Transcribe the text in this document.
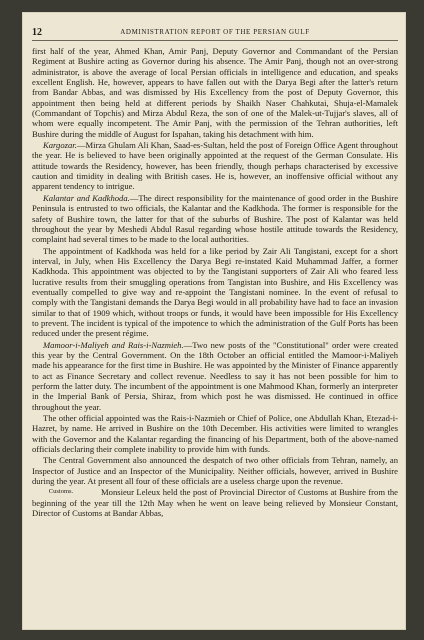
12	ADMINISTRATION REPORT OF THE PERSIAN GULF

first half of the year, Ahmed Khan, Amir Panj, Deputy Governor and Commandant of the Persian Regiment at Bushire acting as Governor during his absence. The Amir Panj, though not an over-strong administrator, is above the average of local Persian officials in intelligence and education, and speaks excellent English. He, however, appears to have fallen out with the Darya Begi after the latter's return from Bandar Abbas, and was dismissed by His Excellency from the post of Deputy Governor, this appointment then being held at different periods by Shaikh Naser Chahkutai, Shuja-el-Mamalek (Commandant of Topchis) and Mirza Abdul Reza, the son of one of the Malek-ut-Tujjar's slaves, all of whom were equally incompetent. The Amir Panj, with the permission of the Tehran authorities, left Bushire during the middle of August for Ispahan, taking his detachment with him.

Kargozar.—Mirza Ghulam Ali Khan, Saad-es-Sultan, held the post of Foreign Office Agent throughout the year. He is believed to have been originally appointed at the request of the German Consulate. His attitude towards the Residency, however, has been friendly, though perhaps characterised by excessive caution and timidity in dealing with British cases. He is, however, an inoffensive official without any apparent tendency to intrigue.

Kalantar and Kadkhoda.—The direct responsibility for the maintenance of good order in the Bushire Peninsula is entrusted to two officials, the Kalantar and the Kadkhoda. The former is responsible for the safety of Bushire town, the latter for that of the suburbs of Bushire. The post of Kalantar was held throughout the year by Meshedi Abdul Rasul regarding whose hostile attitude towards the Residency, complaint had several times to be made to the local authorities.

The appointment of Kadkhoda was held for a like period by Zair Ali Tangistani, except for a short interval, in July, when His Excellency the Darya Begi re-instated Kaid Muhammad Jaffer, a former Kadkhoda. This appointment was objected to by the Tangistani supporters of Zair Ali who feared less lucrative results from their smuggling operations from Tangistan into Bushire, and His Excellency was eventually compelled to give way and re-appoint the Tangistani nominee. In the event of refusal to comply with the Tangistani demands the Darya Begi would in all probability have had to face an invasion similar to that of 1909 which, without troops or funds, it would have been impossible for His Excellency to prevent. The incident is typical of the impotence to which the administration of the Gulf Ports has been reduced under the present régime.

Mamoor-i-Maliyeh and Rais-i-Nazmieh.—Two new posts of the "Constitutional" order were created this year by the Central Government. On the 18th October an official entitled the Mamoor-i-Maliyeh made his appearance for the first time in Bushire. He was appointed by the Minister of Finance apparently to act as Finance Secretary and collect revenue. Needless to say it has not been possible for him to perform the latter duty. The incumbent of the appointment is one Mahmood Khan, formerly an interpreter in the Imperial Bank of Persia, Shiraz, from which post he was dismissed. He continued in office throughout the year.

The other official appointed was the Rais-i-Nazmieh or Chief of Police, one Abdullah Khan, Etezad-i-Hazret, by name. He arrived in Bushire on the 10th December. His activities were limited to wrangles with the Governor and the Kalantar regarding the financing of his Department, both of the above-named officials declaring their complete inability to provide him with funds.

The Central Government also announced the despatch of two other officials from Tehran, namely, an Inspector of Justice and an Inspector of the Municipality. Neither officials, however, arrived in Bushire during the year. At present all four of these officials are a useless charge upon the revenue.

Customs.	Monsieur Leleux held the post of Provincial Director of Customs at Bushire from the beginning of the year till the 12th May when he went on leave being relieved by Monsieur Constant, Director of Customs at Bandar Abbas,
